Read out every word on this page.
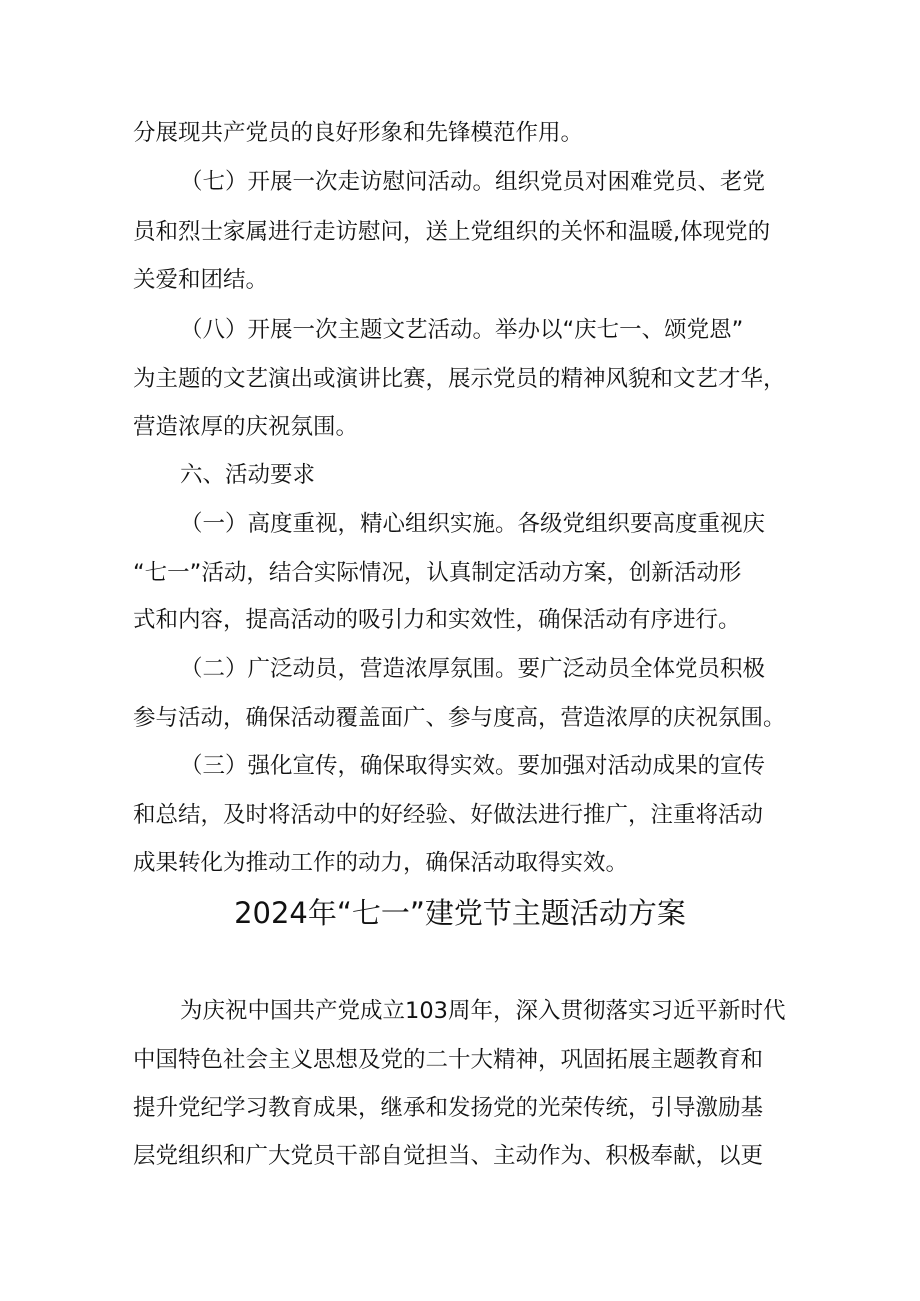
分展现共产党员的良好形象和先锋模范作用。
（七）开展一次走访慰问活动。组织党员对困难党员、老党
员和烈士家属进行走访慰问，送上党组织的关怀和温暖,体现党的
关爱和团结。
（八）开展一次主题文艺活动。举办以“庆七一、颂党恩”
为主题的文艺演出或演讲比赛，展示党员的精神风貌和文艺才华，
营造浓厚的庆祝氛围。
六、活动要求
（一）高度重视，精心组织实施。各级党组织要高度重视庆
“七一”活动，结合实际情况，认真制定活动方案，创新活动形
式和内容，提高活动的吸引力和实效性，确保活动有序进行。
（二）广泛动员，营造浓厚氛围。要广泛动员全体党员积极
参与活动，确保活动覆盖面广、参与度高，营造浓厚的庆祝氛围。
（三）强化宣传，确保取得实效。要加强对活动成果的宣传
和总结，及时将活动中的好经验、好做法进行推广，注重将活动
成果转化为推动工作的动力，确保活动取得实效。
2024年“七一”建党节主题活动方案
为庆祝中国共产党成立103周年，深入贯彻落实习近平新时代
中国特色社会主义思想及党的二十大精神，巩固拓展主题教育和
提升党纪学习教育成果，继承和发扬党的光荣传统，引导激励基
层党组织和广大党员干部自觉担当、主动作为、积极奉献，以更
